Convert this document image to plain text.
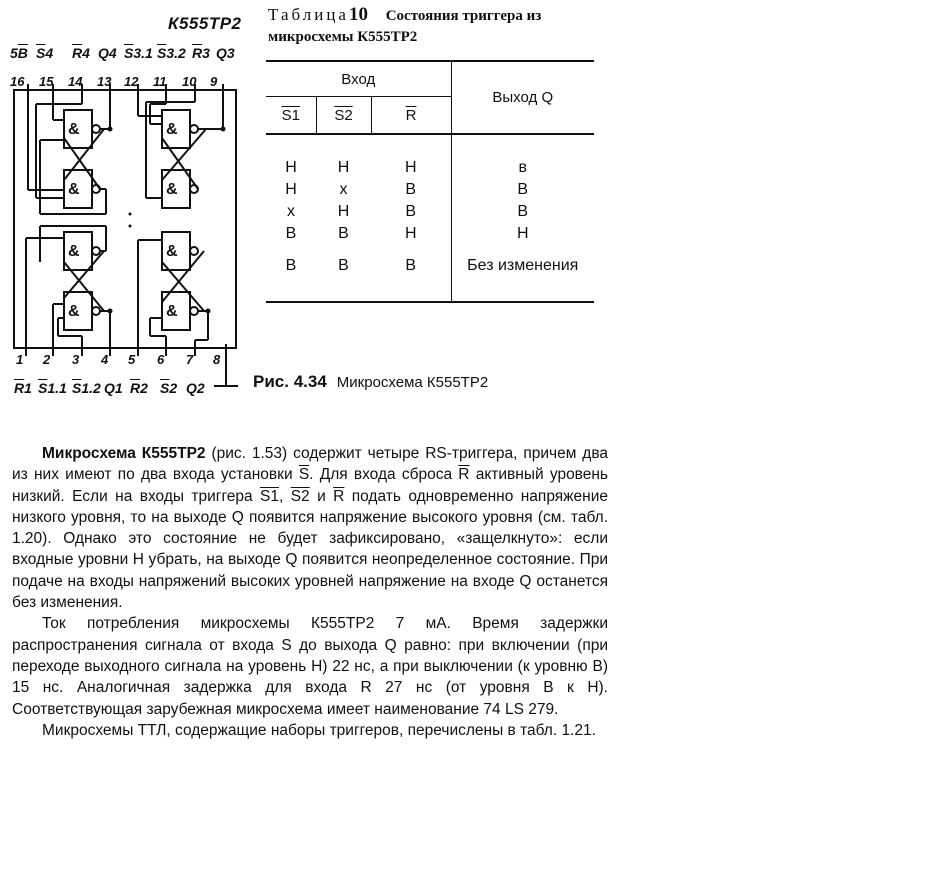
К555ТР2
5В $\overline{S}4$ $\overline{R}4$ Q4 $\overline{S}3.1$ $\overline{S}3.2$ $\overline{R}3$ Q3
16 15 14 13 12 11 10 9
1 2 3 4 5 6 7 8
$\overline{R}1$ $\overline{S}1.1$ $\overline{S}1.2$ Q1 $\overline{R}2$ $\overline{S}2$ Q2
&
&
&
&
&
&
&
&
Таблица10 Состояния триггера из
микросхемы К555ТР2
Вход			Выход Q
S1	S2	$\overline{R}$
Н	Н	Н	в
Н	х	В	В
х	Н	В	В
В	В	Н	Н
В	В	В	Без изменения
Рис. 4.34 Микросхема К555ТР2

Микросхема К555ТР2 (рис. 1.53) содержит четыре RS-триггера, причем два из них имеют по два входа установки $\overline{S}$. Для входа сброса $\overline{R}$ активный уровень низкий. Если на входы триггера S1, S2 и $\overline{R}$ подать одновременно напряжение низкого уровня, то на выходе Q появится напряжение высокого уровня (см. табл. 1.20). Однако это состояние не будет зафиксировано, «защелкнуто»: если входные уровни Н убрать, на выходе Q появится неопределенное состояние. При подаче на входы напряжений высоких уровней напряжение на входе Q останется без изменения.

Ток потребления микросхемы К555ТР2 7 мА. Время задержки распространения сигнала от входа S до выхода Q равно: при включении (при переходе выходного сигнала на уровень Н) 22 нс, а при выключении (к уровню В) 15 нс. Аналогичная задержка для входа R 27 нс (от уровня В к Н). Соответствующая зарубежная микросхема имеет наименование 74 LS 279.

Микросхемы ТТЛ, содержащие наборы триггеров, перечислены в табл. 1.21.
